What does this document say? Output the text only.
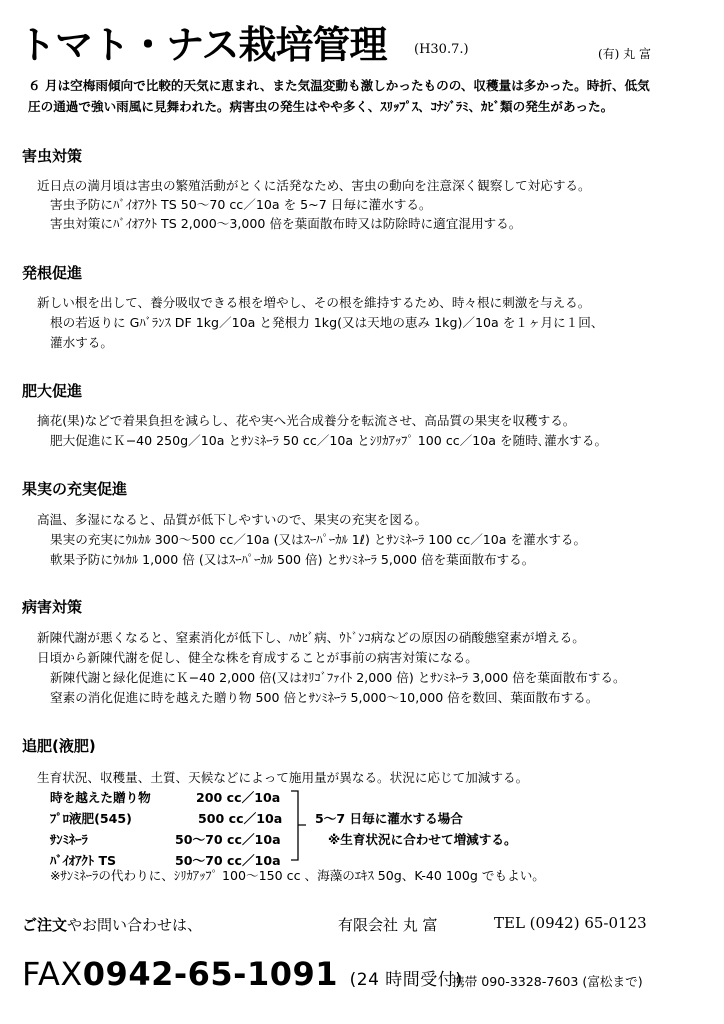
トマト・ナス栽培管理 (H30.7.)	(有) 丸 富
６ 月は空梅雨傾向で比較的天気に恵まれ、また気温変動も激しかったものの、収穫量は多かった。時折、低気
圧の通過で強い雨風に見舞われた。病害虫の発生はやや多く、ｽﾘｯﾌﾟｽ、ｺﾅｼﾞﾗﾐ、ｶﾋﾞ類の発生があった。
害虫対策
近日点の満月頃は害虫の繁殖活動がとくに活発なため、害虫の動向を注意深く観察して対応する。
害虫予防にﾊﾞｲｵｱｸﾄ TS 50～70 cc／10a を 5~7 日毎に灌水する。
害虫対策にﾊﾞｲｵｱｸﾄ TS 2,000～3,000 倍を葉面散布時又は防除時に適宜混用する。
発根促進
新しい根を出して、養分吸収できる根を増やし、その根を維持するため、時々根に刺激を与える。
根の若返りに Gﾊﾞﾗﾝｽ DF 1kg／10a と発根力 1kg(又は天地の恵み 1kg)／10a を１ヶ月に１回、
灌水する。
肥大促進
摘花(果)などで着果負担を減らし、花や実へ光合成養分を転流させ、高品質の果実を収穫する。
肥大促進にＫ−40 250g／10a とｻﾝﾐﾈｰﾗ 50 cc／10a とｼﾘｶｱｯﾌﾟ 100 cc／10a を随時､灌水する。
果実の充実促進
高温、多湿になると、品質が低下しやすいので、果実の充実を図る。
果実の充実にｳﾙｶﾙ 300～500 cc／10a (又はｽｰﾊﾟｰｶﾙ 1ℓ) とｻﾝﾐﾈｰﾗ 100 cc／10a を灌水する。
軟果予防にｳﾙｶﾙ 1,000 倍 (又はｽｰﾊﾟｰｶﾙ 500 倍) とｻﾝﾐﾈｰﾗ 5,000 倍を葉面散布する。
病害対策
新陳代謝が悪くなると、窒素消化が低下し、ﾊｶﾋﾞ病、ｳﾄﾞﾝｺ病などの原因の硝酸態窒素が増える。
日頃から新陳代謝を促し、健全な株を育成することが事前の病害対策になる。
新陳代謝と緑化促進にＫ−40 2,000 倍(又はｵﾘｺﾞﾌｧｲﾄ 2,000 倍) とｻﾝﾐﾈｰﾗ 3,000 倍を葉面散布する。
窒素の消化促進に時を越えた贈り物 500 倍とｻﾝﾐﾈｰﾗ 5,000～10,000 倍を数回、葉面散布する。
追肥(液肥)
生育状況、収穫量、土質、天候などによって施用量が異なる。状況に応じて加減する。
時を越えた贈り物	200 cc／10a
ﾌﾟﾛ液肥(545)	500 cc／10a
ｻﾝﾐﾈｰﾗ	50～70 cc／10a
ﾊﾞｲｵｱｸﾄ TS	50～70 cc／10a
5～7 日毎に灌水する場合
※生育状況に合わせて増減する。
※ｻﾝﾐﾈｰﾗの代わりに、ｼﾘｶｱｯﾌﾟ 100～150 cc 、海藻のｴｷｽ 50g、K-40 100g でもよい。
ご注文やお問い合わせは、	有限会社 丸 富	TEL (0942) 65-0123
FAX0942-65-1091 (24 時間受付)
携帯 090-3328-7603 (富松まで)
